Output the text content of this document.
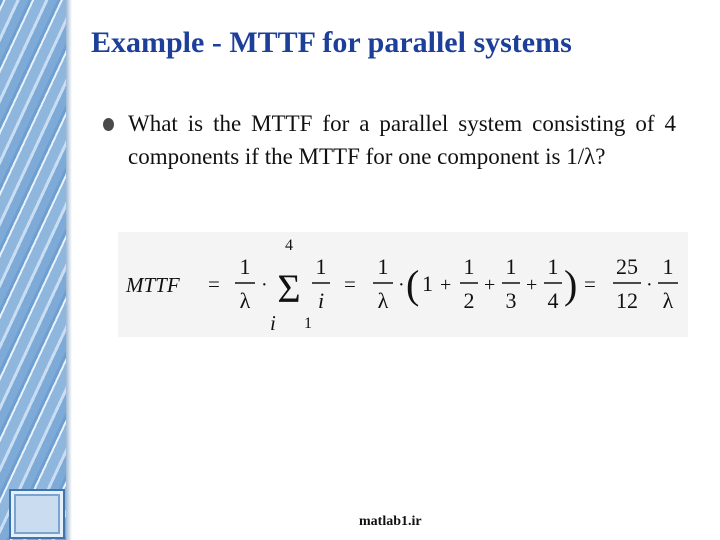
Example - MTTF for parallel systems

What is the MTTF for a parallel system consisting of 4 components if the MTTF for one component is 1/λ?

MTTF =
1
λ
·
4
Σ
i 1
1
i
=
1
λ
· ( 1 +
1
2
+
1
3
+
1
4 ) =
25
12
·
1
λ
matlab1.ir
